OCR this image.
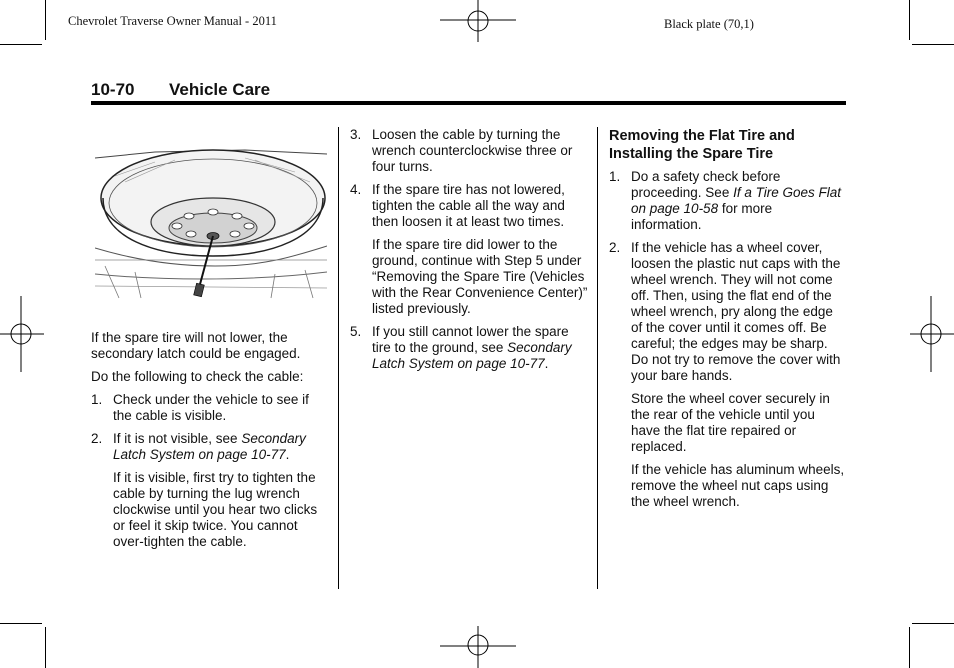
Chevrolet Traverse Owner Manual - 2011	Black plate (70,1)
10-70 Vehicle Care

If the spare tire will not lower, the secondary latch could be engaged.

Do the following to check the cable:

1. Check under the vehicle to see if the cable is visible.
2. If it is not visible, see Secondary Latch System on page 10-77.
If it is visible, first try to tighten the cable by turning the lug wrench clockwise until you hear two clicks or feel it skip twice. You cannot over-tighten the cable.
3. Loosen the cable by turning the wrench counterclockwise three or four turns.
4. If the spare tire has not lowered, tighten the cable all the way and then loosen it at least two times.
If the spare tire did lower to the ground, continue with Step 5 under “Removing the Spare Tire (Vehicles with the Rear Convenience Center)” listed previously.
5. If you still cannot lower the spare tire to the ground, see Secondary Latch System on page 10-77.
Removing the Flat Tire and Installing the Spare Tire
1. Do a safety check before proceeding. See If a Tire Goes Flat on page 10-58 for more information.
2. If the vehicle has a wheel cover, loosen the plastic nut caps with the wheel wrench. They will not come off. Then, using the flat end of the wheel wrench, pry along the edge of the cover until it comes off. Be careful; the edges may be sharp. Do not try to remove the cover with your bare hands.
Store the wheel cover securely in the rear of the vehicle until you have the flat tire repaired or replaced.
If the vehicle has aluminum wheels, remove the wheel nut caps using the wheel wrench.
